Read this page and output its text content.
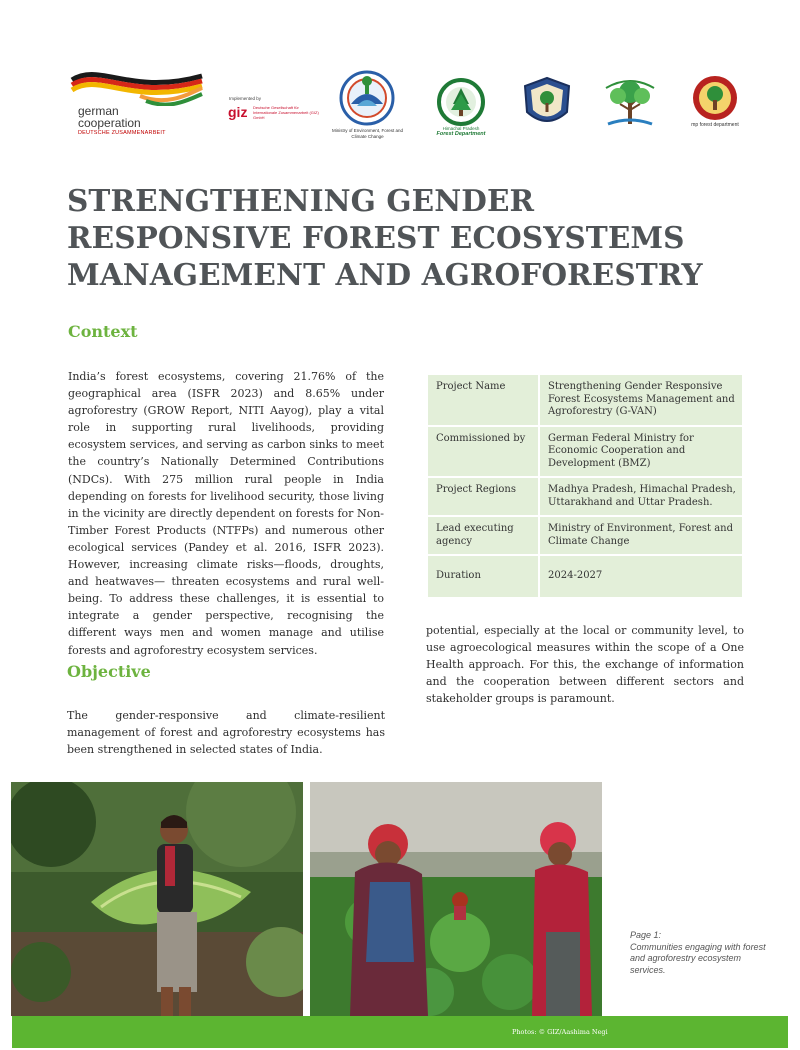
german
cooperation
DEUTSCHE ZUSAMMENARBEIT
Implemented by
giz Deutsche Gesellschaft für Internationale Zusammenarbeit (GIZ) GmbH
Ministry of Environment, Forest and Climate Change
Himachal Pradesh
Forest Department
mp forest department
STRENGTHENING GENDER RESPONSIVE FOREST ECOSYSTEMS MANAGEMENT AND AGROFORESTRY
Context

India’s forest ecosystems, covering 21.76% of the geographical area (ISFR 2023) and 8.65% under agroforestry (GROW Report, NITI Aayog), play a vital role in supporting rural livelihoods, providing ecosystem services, and serving as carbon sinks to meet the country’s Nationally Determined Contributions (NDCs). With 275 million rural people in India depending on forests for livelihood security, those living in the vicinity are directly dependent on forests for Non-Timber Forest Products (NTFPs) and numerous other ecological services (Pandey et al. 2016, ISFR 2023). However, increasing climate risks—floods, droughts, and heatwaves— threaten ecosystems and rural well-being. To address these challenges, it is essential to integrate a gender perspective, recognising the different ways men and women manage and utilise forests and agroforestry ecosystem services.

Objective

The gender-responsive and climate-resilient management of forest and agroforestry ecosystems has been strengthened in selected states of India.

Project Name	Strengthening Gender Responsive Forest Ecosystems Management and Agroforestry (G-VAN)
Commissioned by	German Federal Ministry for Economic Cooperation and Development (BMZ)
Project Regions	Madhya Pradesh, Himachal Pradesh, Uttarakhand and Uttar Pradesh.
Lead executing agency	Ministry of Environment, Forest and Climate Change
Duration	2024-2027

potential, especially at the local or community level, to use agroecological measures within the scope of a One Health approach. For this, the exchange of information and the cooperation between different sectors and stakeholder groups is paramount.

Page 1:
Communities engaging with forest and agroforestry ecosystem services.

Photos: © GIZ/Aashima Negi
